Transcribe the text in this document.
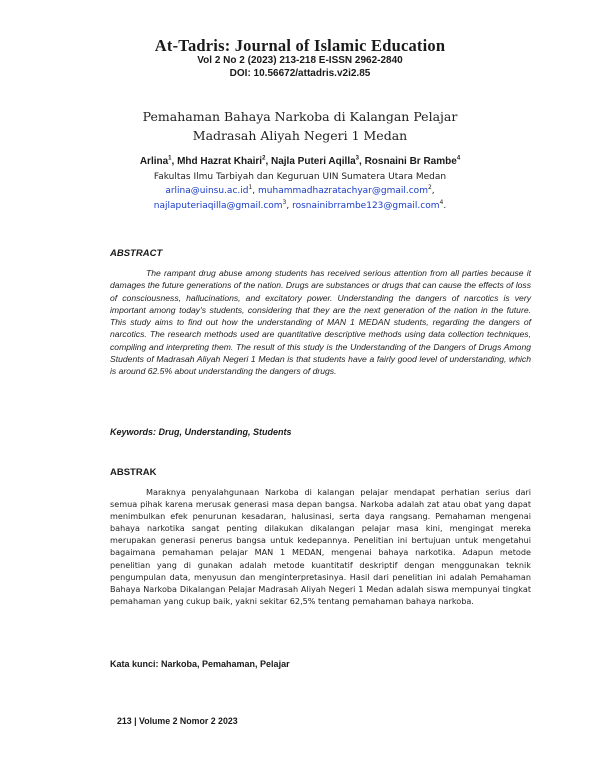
At-Tadris: Journal of Islamic Education
Vol 2 No 2 (2023) 213-218 E-ISSN 2962-2840
DOI: 10.56672/attadris.v2i2.85
Pemahaman Bahaya Narkoba di Kalangan Pelajar
Madrasah Aliyah Negeri 1 Medan
Arlina$^1$, Mhd Hazrat Khairi$^2$, Najla Puteri Aqilla$^3$, Rosnaini Br Rambe$^4$
Fakultas Ilmu Tarbiyah dan Keguruan UIN Sumatera Utara Medan
$arlina@uinsu.ac.id^1$, muhammadhazratachyar@gmail.com$^2$,
najlaputeriaqilla@gmail.com$^3$, rosnainibrrambe123@gmail.com$^4$.
ABSTRACT
The rampant drug abuse among students has received serious attention from all parties because it damages the future generations of the nation. Drugs are substances or drugs that can cause the effects of loss of consciousness, hallucinations, and excitatory power. Understanding the dangers of narcotics is very important among today's students, considering that they are the next generation of the nation in the future. This study aims to find out how the understanding of MAN 1 MEDAN students, regarding the dangers of narcotics. The research methods used are quantitative descriptive methods using data collection techniques, compiling and interpreting them. The result of this study is the Understanding of the Dangers of Drugs Among Students of Madrasah Aliyah Negeri 1 Medan is that students have a fairly good level of understanding, which is around 62.5% about understanding the dangers of drugs.
Keywords: Drug, Understanding, Students
ABSTRAK
Maraknya penyalahgunaan Narkoba di kalangan pelajar mendapat perhatian serius dari semua pihak karena merusak generasi masa depan bangsa. Narkoba adalah zat atau obat yang dapat menimbulkan efek penurunan kesadaran, halusinasi, serta daya rangsang. Pemahaman mengenai bahaya narkotika sangat penting dilakukan dikalangan pelajar masa kini, mengingat mereka merupakan generasi penerus bangsa untuk kedepannya. Penelitian ini bertujuan untuk mengetahui bagaimana pemahaman pelajar MAN 1 MEDAN, mengenai bahaya narkotika. Adapun metode penelitian yang di gunakan adalah metode kuantitatif deskriptif dengan menggunakan teknik pengumpulan data, menyusun dan menginterpretasinya. Hasil dari penelitian ini adalah Pemahaman Bahaya Narkoba Dikalangan Pelajar Madrasah Aliyah Negeri 1 Medan adalah siswa mempunyai tingkat pemahaman yang cukup baik, yakni sekitar 62,5% tentang pemahaman bahaya narkoba.
Kata kunci: Narkoba, Pemahaman, Pelajar
213 | Volume 2 Nomor 2 2023
